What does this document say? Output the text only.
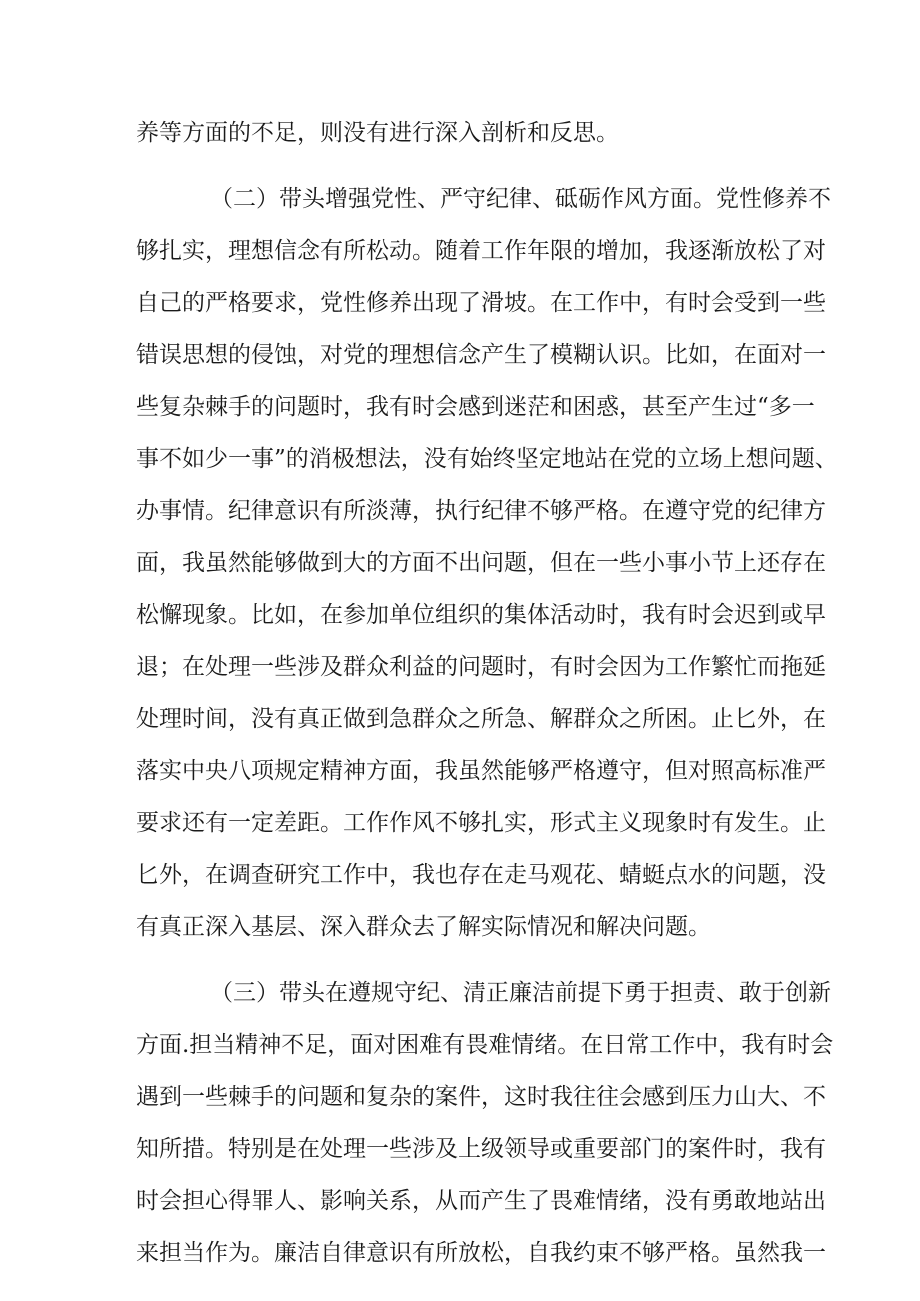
养等方面的不足，则没有进行深入剖析和反思。
（二）带头增强党性、严守纪律、砥砺作风方面。党性修养不
够扎实，理想信念有所松动。随着工作年限的增加，我逐渐放松了对
自己的严格要求，党性修养出现了滑坡。在工作中，有时会受到一些
错误思想的侵蚀，对党的理想信念产生了模糊认识。比如，在面对一
些复杂棘手的问题时，我有时会感到迷茫和困惑，甚至产生过“多一
事不如少一事”的消极想法，没有始终坚定地站在党的立场上想问题、
办事情。纪律意识有所淡薄，执行纪律不够严格。在遵守党的纪律方
面，我虽然能够做到大的方面不出问题，但在一些小事小节上还存在
松懈现象。比如，在参加单位组织的集体活动时，我有时会迟到或早
退；在处理一些涉及群众利益的问题时，有时会因为工作繁忙而拖延
处理时间，没有真正做到急群众之所急、解群众之所困。止匕外，在
落实中央八项规定精神方面，我虽然能够严格遵守，但对照高标准严
要求还有一定差距。工作作风不够扎实，形式主义现象时有发生。止
匕外，在调查研究工作中，我也存在走马观花、蜻蜓点水的问题，没
有真正深入基层、深入群众去了解实际情况和解决问题。
（三）带头在遵规守纪、清正廉洁前提下勇于担责、敢于创新
方面.担当精神不足，面对困难有畏难情绪。在日常工作中，我有时会
遇到一些棘手的问题和复杂的案件，这时我往往会感到压力山大、不
知所措。特别是在处理一些涉及上级领导或重要部门的案件时，我有
时会担心得罪人、影响关系，从而产生了畏难情绪，没有勇敢地站出
来担当作为。廉洁自律意识有所放松，自我约束不够严格。虽然我一
